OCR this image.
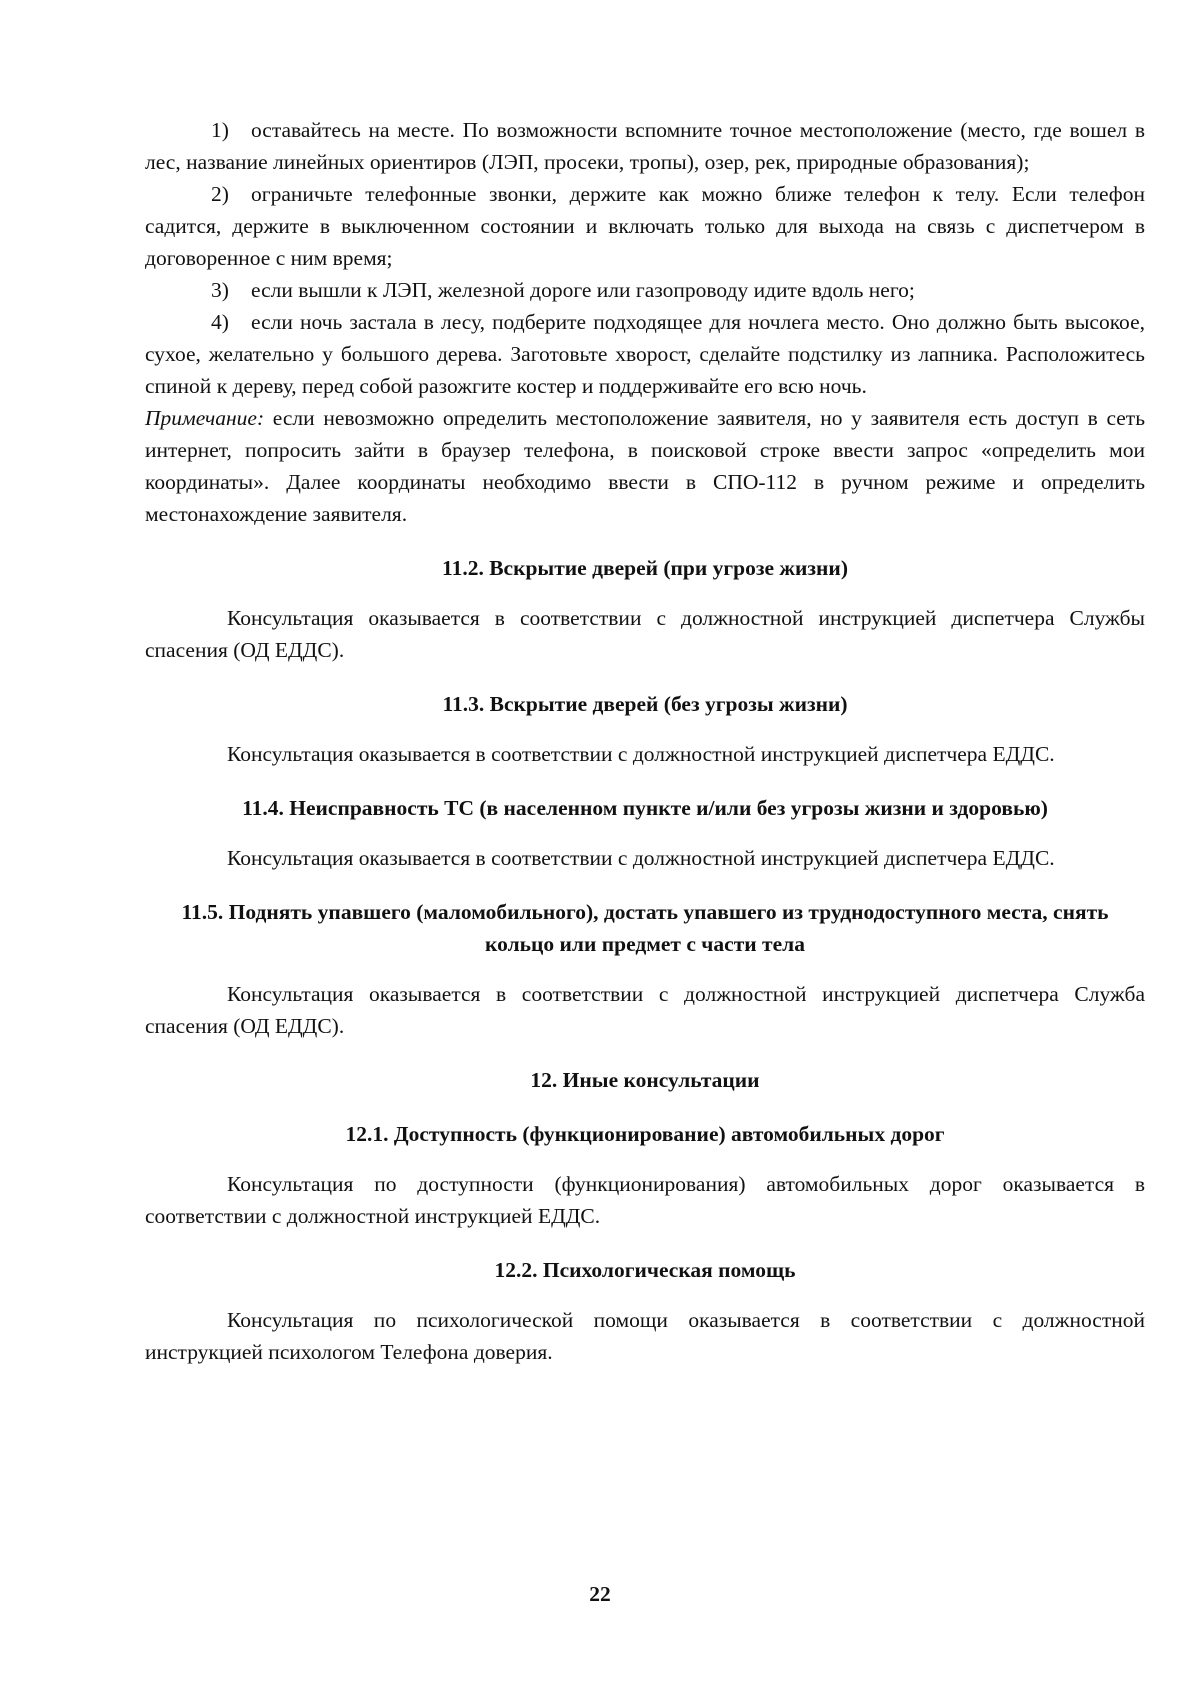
1) оставайтесь на месте. По возможности вспомните точное местоположение (место, где вошел в лес, название линейных ориентиров (ЛЭП, просеки, тропы), озер, рек, природные образования);

2) ограничьте телефонные звонки, держите как можно ближе телефон к телу. Если телефон садится, держите в выключенном состоянии и включать только для выхода на связь с диспетчером в договоренное с ним время;

3) если вышли к ЛЭП, железной дороге или газопроводу идите вдоль него;

4) если ночь застала в лесу, подберите подходящее для ночлега место. Оно должно быть высокое, сухое, желательно у большого дерева. Заготовьте хворост, сделайте подстилку из лапника. Расположитесь спиной к дереву, перед собой разожгите костер и поддерживайте его всю ночь.

Примечание: если невозможно определить местоположение заявителя, но у заявителя есть доступ в сеть интернет, попросить зайти в браузер телефона, в поисковой строке ввести запрос «определить мои координаты». Далее координаты необходимо ввести в СПО-112 в ручном режиме и определить местонахождение заявителя.

11.2. Вскрытие дверей (при угрозе жизни)

Консультация оказывается в соответствии с должностной инструкцией диспетчера Службы спасения (ОД ЕДДС).

11.3. Вскрытие дверей (без угрозы жизни)

Консультация оказывается в соответствии с должностной инструкцией диспетчера ЕДДС.

11.4. Неисправность ТС (в населенном пункте и/или без угрозы жизни и здоровью)

Консультация оказывается в соответствии с должностной инструкцией диспетчера ЕДДС.

11.5. Поднять упавшего (маломобильного), достать упавшего из труднодоступного места, снять кольцо или предмет с части тела

Консультация оказывается в соответствии с должностной инструкцией диспетчера Служба спасения (ОД ЕДДС).

12. Иные консультации
12.1. Доступность (функционирование) автомобильных дорог

Консультация по доступности (функционирования) автомобильных дорог оказывается в соответствии с должностной инструкцией ЕДДС.

12.2. Психологическая помощь

Консультация по психологической помощи оказывается в соответствии с должностной инструкцией психологом Телефона доверия.

22
